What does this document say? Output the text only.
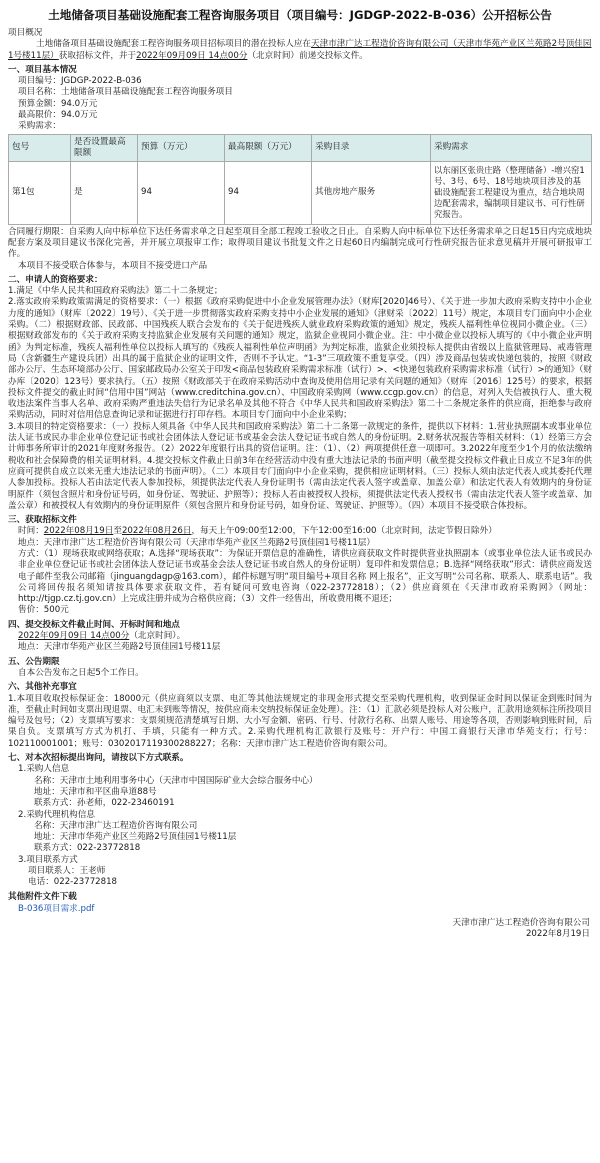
土地储备项目基础设施配套工程咨询服务项目（项目编号：JGDGP-2022-B-036）公开招标公告
项目概况
土地储备项目基础设施配套工程咨询服务项目招标项目的潜在投标人应在天津市津广达工程造价咨询有限公司（天津市华苑产业区兰苑路2号顶佳园1号楼11层）获取招标文件，并于2022年09月09日 14点00分（北京时间）前递交投标文件。
一、项目基本情况
项目编号：JGDGP-2022-B-036
项目名称：土地储备项目基础设施配套工程咨询服务项目
预算金额：94.0万元
最高限价：94.0万元
采购需求：
包号	是否设置最高限额	预算（万元）	最高限额（万元）	采购目录	采购需求
第1包	是	94	94	其他房地产服务	以东丽区张贵庄路（整理储备）-增兴窑1号、3号、6号、18号地块项目涉及的基础设施配套工程建设为重点，结合地块周边配套需求，编制项目建议书、可行性研究报告。
合同履行期限：自采购人向中标单位下达任务需求单之日起至项目全部工程竣工验收之日止。自采购人向中标单位下达任务需求单之日起15日内完成地块配套方案及项目建议书深化完善，并开展立项报审工作；取得项目建议书批复文件之日起60日内编制完成可行性研究报告征求意见稿并开展可研报审工作。
本项目不接受联合体参与，本项目不接受进口产品
二、申请人的资格要求：
1.满足《中华人民共和国政府采购法》第二十二条规定；
2.落实政府采购政策需满足的资格要求：（一）根据《政府采购促进中小企业发展管理办法》（财库[2020]46号）、《关于进一步加大政府采购支持中小企业力度的通知》（财库〔2022〕19号）、《关于进一步贯彻落实政府采购支持中小企业发展的通知》（津财采〔2022〕11号）规定，本项目专门面向中小企业采购。（二）根据财政部、民政部、中国残疾人联合会发布的《关于促进残疾人就业政府采购政策的通知》规定，残疾人福利性单位视同小微企业。（三）根据财政部发布的《关于政府采购支持监狱企业发展有关问题的通知》规定，监狱企业视同小微企业。注：中小微企业以投标人填写的《中小微企业声明函》为判定标准，残疾人福利性单位以投标人填写的《残疾人福利性单位声明函》为判定标准，监狱企业须投标人提供由省级以上监狱管理局、戒毒管理局（含新疆生产建设兵团）出具的属于监狱企业的证明文件，否则不予认定。“1-3”三项政策不重复享受。（四）涉及商品包装或快递包装的，按照《财政部办公厅、生态环境部办公厅、国家邮政局办公室关于印发<商品包装政府采购需求标准（试行）>、<快递包装政府采购需求标准（试行）>的通知》（财办库〔2020〕123号）要求执行。（五）按照《财政部关于在政府采购活动中查询及使用信用记录有关问题的通知》（财库〔2016〕125号）的要求，根据投标文件提交的截止时间“信用中国”网站（www.creditchina.gov.cn）、中国政府采购网（www.ccgp.gov.cn）的信息，对列入失信被执行人、重大税收违法案件当事人名单、政府采购严重违法失信行为记录名单及其他不符合《中华人民共和国政府采购法》第二十二条规定条件的供应商，拒绝参与政府采购活动，同时对信用信息查询记录和证据进行打印存档。本项目专门面向中小企业采购；
3.本项目的特定资格要求：（一）投标人须具备《中华人民共和国政府采购法》第二十二条第一款规定的条件，提供以下材料：1.营业执照副本或事业单位法人证书或民办非企业单位登记证书或社会团体法人登记证书或基金会法人登记证书或自然人的身份证明。2.财务状况报告等相关材料：（1）经第三方会计师事务所审计的2021年度财务报告。（2）2022年度银行出具的资信证明。注：（1）、（2）两项提供任意一项即可。3.2022年度至少1个月的依法缴纳税收和社会保障费的相关证明材料。4.提交投标文件截止日前3年在经营活动中没有重大违法记录的书面声明（截至提交投标文件截止日成立不足3年的供应商可提供自成立以来无重大违法记录的书面声明）。（二）本项目专门面向中小企业采购，提供相应证明材料。（三）投标人须由法定代表人或其委托代理人参加投标。投标人若由法定代表人参加投标，须提供法定代表人身份证明书（需由法定代表人签字或盖章、加盖公章）和法定代表人有效期内的身份证明原件（须包含照片和身份证号码，如身份证、驾驶证、护照等）；投标人若由被授权人投标，须提供法定代表人授权书（需由法定代表人签字或盖章、加盖公章）和被授权人有效期内的身份证明原件（须包含照片和身份证号码，如身份证、驾驶证、护照等）。（四）本项目不接受联合体投标。
三、获取招标文件
时间：2022年08月19日至2022年08月26日，每天上午09:00至12:00，下午12:00至16:00（北京时间，法定节假日除外）
地点：天津市津广达工程造价咨询有限公司（天津市华苑产业区兰苑路2号顶佳园1号楼11层）
方式：（1）现场获取或网络获取；A.选择“现场获取”：为保证开票信息的准确性，请供应商获取文件时提供营业执照副本（或事业单位法人证书或民办非企业单位登记证书或社会团体法人登记证书或基金会法人登记证书或自然人的身份证明）复印件和发票信息；B.选择“网络获取”形式：请供应商发送电子邮件至我公司邮箱（jinguangdagp@163.com），邮件标题写明“项目编号+项目名称 网上报名”，正文写明“公司名称、联系人、联系电话”。我公司将回传报名须知请按具体要求获取文件，若有疑问可致电咨询（022-23772818）；（2）供应商须在《天津市政府采购网》（网址：http://tjgp.cz.tj.gov.cn）上完成注册并成为合格供应商；（3）文件一经售出，所收费用概不退还；
售价：500元
四、提交投标文件截止时间、开标时间和地点
2022年09月09日 14点00分（北京时间）。
地点：天津市华苑产业区兰苑路2号顶佳园1号楼11层
五、公告期限
自本公告发布之日起5个工作日。
六、其他补充事宜
1.本项目收取投标保证金：18000元（供应商须以支票、电汇等其他法规规定的非现金形式提交至采购代理机构，收到保证金时间以保证金到账时间为准，至截止时间如支票出现退票、电汇未到账等情况，按供应商未交纳投标保证金处理）。注：（1）汇款必须是投标人对公账户，汇款用途须标注所投项目编号及包号；（2）支票填写要求：支票须规范清楚填写日期、大小写金额、密码、行号、付款行名称、出票人账号、用途等各项，否则影响到账时间，后果自负。支票填写方式为机打、手填，只能有一种方式。2.采购代理机构汇款银行及账号：开户行：中国工商银行天津市华苑支行；行号：102110001001；账号：0302017119300288227；名称：天津市津广达工程造价咨询有限公司。
七、对本次招标提出询问，请按以下方式联系。
1.采购人信息
名称：天津市土地利用事务中心（天津市中国国际矿业大会综合服务中心）
地址：天津市和平区曲阜道88号
联系方式：孙老师，022-23460191
2.采购代理机构信息
名称：天津市津广达工程造价咨询有限公司
地址：天津市华苑产业区兰苑路2号顶佳园1号楼11层
联系方式：022-23772818
3.项目联系方式
项目联系人：王老师
电话：022-23772818
其他附件文件下载
B-036项目需求.pdf
天津市津广达工程造价咨询有限公司
2022年8月19日
